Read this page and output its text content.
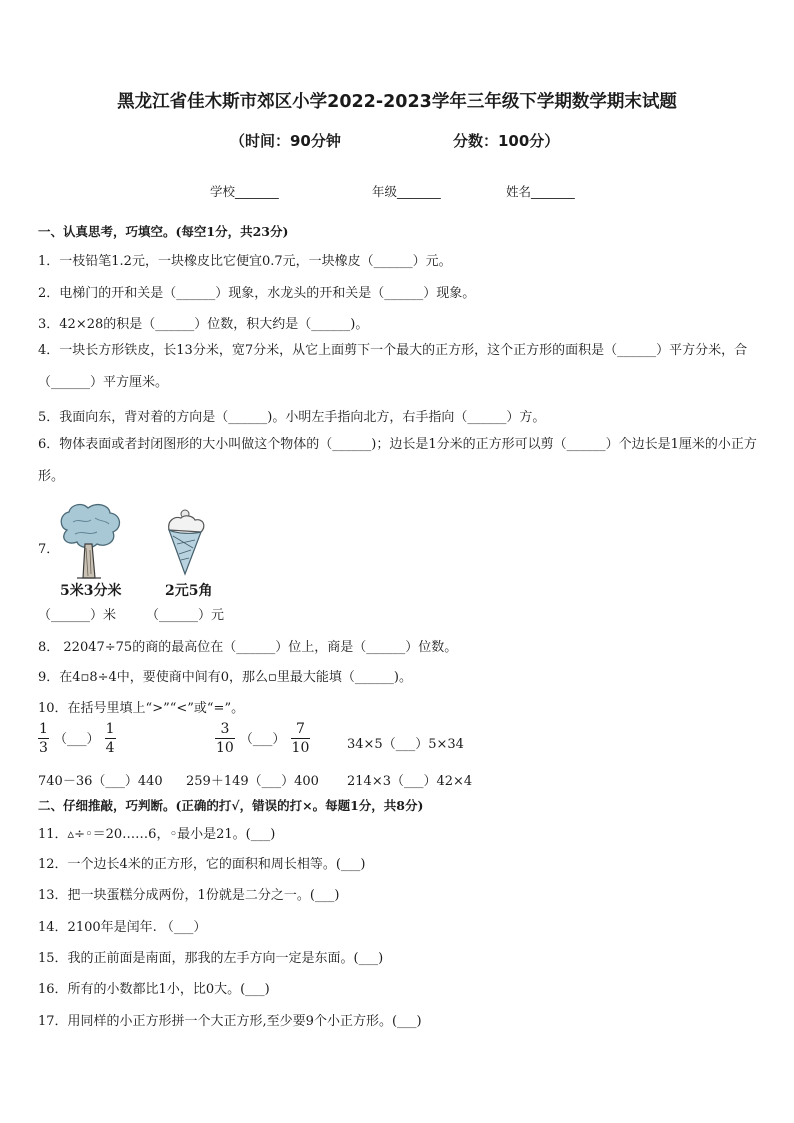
黑龙江省佳木斯市郊区小学2022-2023学年三年级下学期数学期末试题
（时间：90分钟	分数：100分）
学校_______	年级_______	姓名_______
一、认真思考，巧填空。(每空1分，共23分)
1．一枝铅笔1.2元，一块橡皮比它便宜0.7元，一块橡皮（______）元。
2．电梯门的开和关是（______）现象，水龙头的开和关是（______）现象。
3．42×28的积是（______）位数，积大约是（______)。
4．一块长方形铁皮，长13分米，宽7分米，从它上面剪下一个最大的正方形，这个正方形的面积是（______）平方分米，合（______）平方厘米。
5．我面向东，背对着的方向是（______)。小明左手指向北方，右手指向（______）方。
6．物体表面或者封闭图形的大小叫做这个物体的（______)；边长是1分米的正方形可以剪（______）个边长是1厘米的小正方形。
7．
5米3分米	2元5角
（______）米 （______）元
8． 22047÷75的商的最高位在（______）位上，商是（______）位数。
9．在4▫8÷4中，要使商中间有0，那么▫里最大能填（______)。
10．在括号里填上“>”“<”或“=”。
$\frac{1}{3}$ （___） $\frac{1}{4}$	$\frac{3}{10}$ （___） $\frac{7}{10}$	34×5（___）5×34
740－36（___）440 259＋149（___）400 214×3（___）42×4
二、仔细推敲，巧判断。(正确的打√，错误的打×。每题1分，共8分)
11．▵÷◦＝20……6，◦最小是21。(___)
12．一个边长4米的正方形，它的面积和周长相等。(___)
13．把一块蛋糕分成两份，1份就是二分之一。(___)
14．2100年是闰年. （___）
15．我的正前面是南面，那我的左手方向一定是东面。(___)
16．所有的小数都比1小，比0大。(___)
17．用同样的小正方形拼一个大正方形,至少要9个小正方形。(___)
